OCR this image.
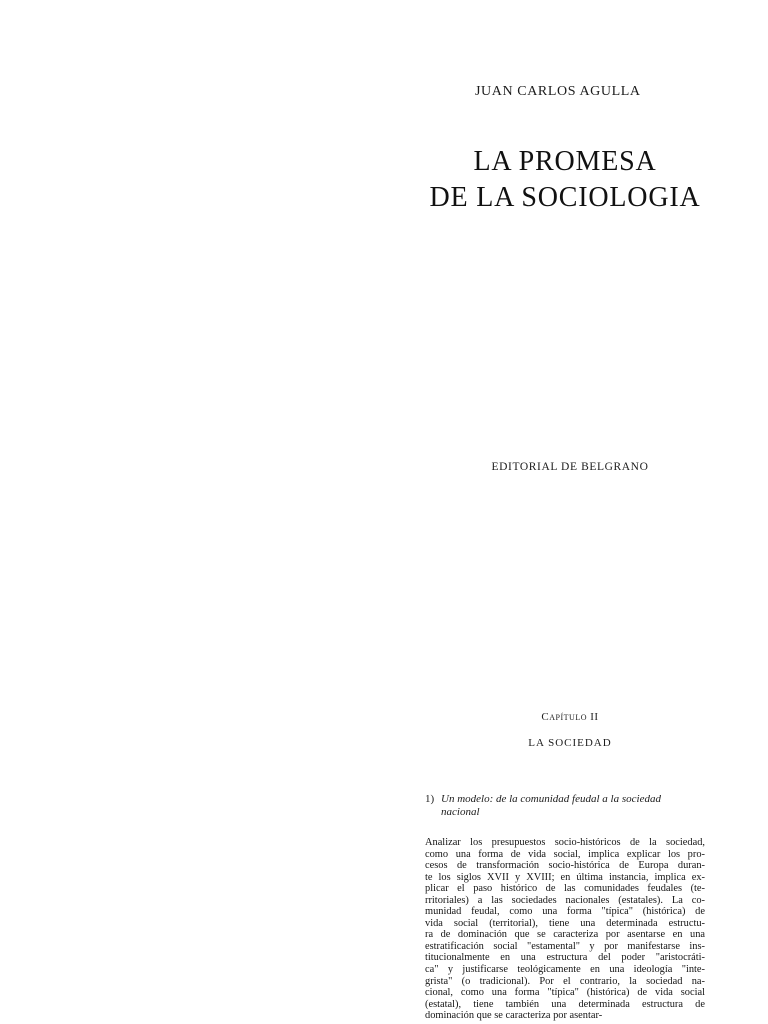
JUAN CARLOS AGULLA
LA PROMESA
DE LA SOCIOLOGIA
EDITORIAL DE BELGRANO
Capítulo II
LA SOCIEDAD
1) Un modelo: de la comunidad feudal a la sociedad
nacional
Analizar los presupuestos socio-históricos de la sociedad,
como una forma de vida social, implica explicar los pro-
cesos de transformación socio-histórica de Europa duran-
te los siglos XVII y XVIII; en última instancia, implica ex-
plicar el paso histórico de las comunidades feudales (te-
rritoriales) a las sociedades nacionales (estatales). La co-
munidad feudal, como una forma "típica" (histórica) de
vida social (territorial), tiene una determinada estructu-
ra de dominación que se caracteriza por asentarse en una
estratificación social "estamental" y por manifestarse ins-
titucionalmente en una estructura del poder "aristocráti-
ca" y justificarse teológicamente en una ideología "inte-
grista" (o tradicional). Por el contrario, la sociedad na-
cional, como una forma "típica" (histórica) de vida social
(estatal), tiene también una determinada estructura de
dominación que se caracteriza por asentar-
